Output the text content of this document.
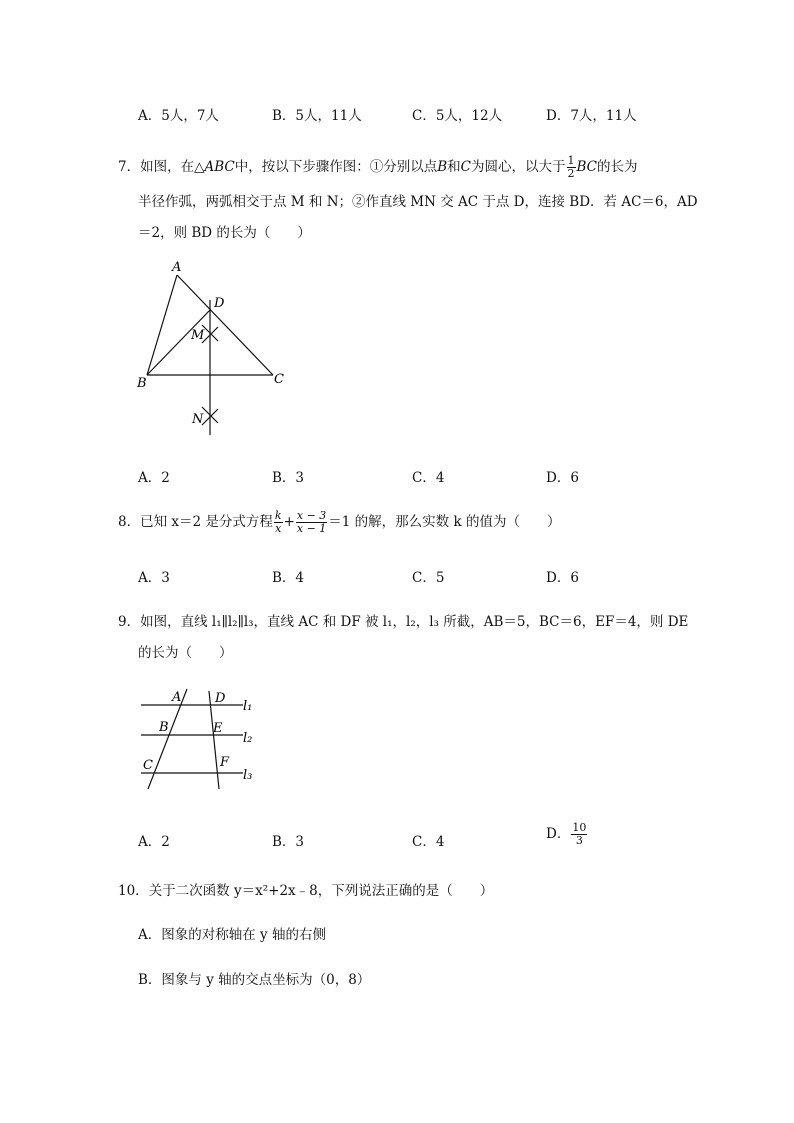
A．5人，7人	B．5人，11人	C．5人，12人	D．7人，11人
7．如图，在△ABC中，按以下步骤作图：①分别以点B和C为圆心，以大于 $\frac{1}{2}$ BC的长为
半径作弧，两弧相交于点 M 和 N；②作直线 MN 交 AC 于点 D，连接 BD．若 AC＝6，AD
＝2，则 BD 的长为（　　）
A
D
M
B	C
N
A．2	B．3	C．4	D．6
8．已知 x＝2 是分式方程 $\frac{k}{x} + \frac{x - 3}{x - 1} =1$ 的解，那么实数 k 的值为（　　）
A．3	B．4	C．5	D．6
9．如图，直线 l₁∥l₂∥l₃，直线 AC 和 DF 被 l₁，l₂，l₃ 所截，AB＝5，BC＝6，EF＝4，则 DE
的长为（　　）
A	D
l₁
B	E
l₂
C	F
l₃
A．2	B．3	C．4	D． $\frac{10}{3}$
10．关于二次函数 y＝x²+2x﹣8，下列说法正确的是（　　）
A．图象的对称轴在 y 轴的右侧
B．图象与 y 轴的交点坐标为（0，8）
